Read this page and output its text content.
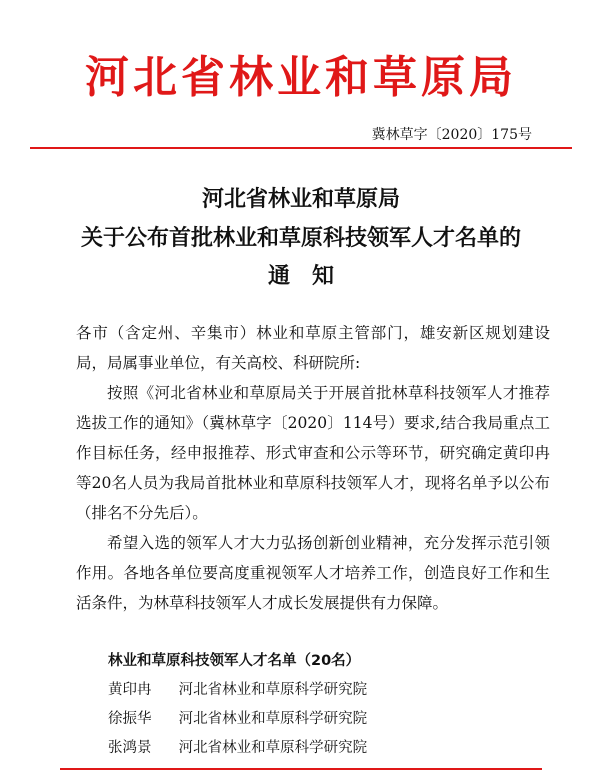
河北省林业和草原局
冀林草字〔2020〕175号
河北省林业和草原局
关于公布首批林业和草原科技领军人才名单的
通知

各市（含定州、辛集市）林业和草原主管部门，雄安新区规划建设局，局属事业单位，有关高校、科研院所:

按照《河北省林业和草原局关于开展首批林草科技领军人才推荐选拔工作的通知》（冀林草字〔2020〕114号）要求,结合我局重点工作目标任务，经申报推荐、形式审查和公示等环节，研究确定黄印冉等20名人员为我局首批林业和草原科技领军人才，现将名单予以公布（排名不分先后）。

希望入选的领军人才大力弘扬创新创业精神，充分发挥示范引领作用。各地各单位要高度重视领军人才培养工作，创造良好工作和生活条件，为林草科技领军人才成长发展提供有力保障。

林业和草原科技领军人才名单（20名）
黄印冉 河北省林业和草原科学研究院
徐振华 河北省林业和草原科学研究院
张鸿景 河北省林业和草原科学研究院
